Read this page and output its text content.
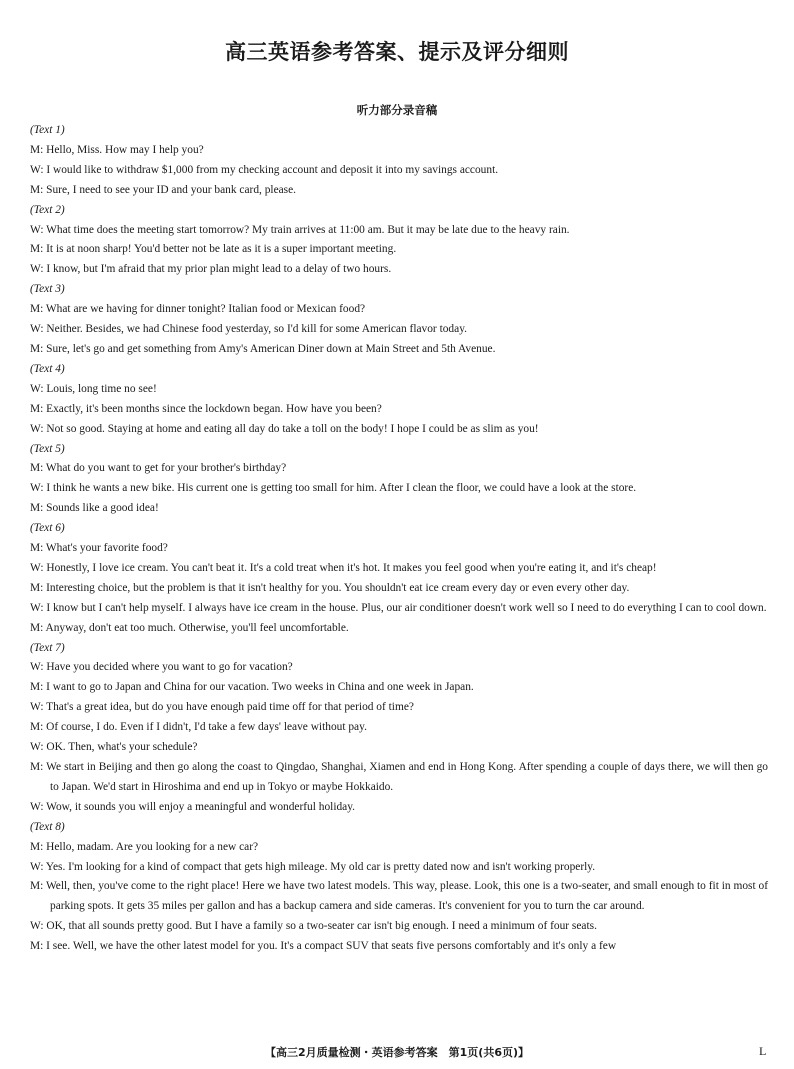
高三英语参考答案、提示及评分细则
听力部分录音稿
(Text 1)
M: Hello, Miss. How may I help you?
W: I would like to withdraw $1,000 from my checking account and deposit it into my savings account.
M: Sure, I need to see your ID and your bank card, please.
(Text 2)
W: What time does the meeting start tomorrow? My train arrives at 11:00 am. But it may be late due to the heavy rain.
M: It is at noon sharp! You'd better not be late as it is a super important meeting.
W: I know, but I'm afraid that my prior plan might lead to a delay of two hours.
(Text 3)
M: What are we having for dinner tonight? Italian food or Mexican food?
W: Neither. Besides, we had Chinese food yesterday, so I'd kill for some American flavor today.
M: Sure, let's go and get something from Amy's American Diner down at Main Street and 5th Avenue.
(Text 4)
W: Louis, long time no see!
M: Exactly, it's been months since the lockdown began. How have you been?
W: Not so good. Staying at home and eating all day do take a toll on the body! I hope I could be as slim as you!
(Text 5)
M: What do you want to get for your brother's birthday?
W: I think he wants a new bike. His current one is getting too small for him. After I clean the floor, we could have a look at the store.
M: Sounds like a good idea!
(Text 6)
M: What's your favorite food?
W: Honestly, I love ice cream. You can't beat it. It's a cold treat when it's hot. It makes you feel good when you're eating it, and it's cheap!
M: Interesting choice, but the problem is that it isn't healthy for you. You shouldn't eat ice cream every day or even every other day.
W: I know but I can't help myself. I always have ice cream in the house. Plus, our air conditioner doesn't work well so I need to do everything I can to cool down.
M: Anyway, don't eat too much. Otherwise, you'll feel uncomfortable.
(Text 7)
W: Have you decided where you want to go for vacation?
M: I want to go to Japan and China for our vacation. Two weeks in China and one week in Japan.
W: That's a great idea, but do you have enough paid time off for that period of time?
M: Of course, I do. Even if I didn't, I'd take a few days' leave without pay.
W: OK. Then, what's your schedule?
M: We start in Beijing and then go along the coast to Qingdao, Shanghai, Xiamen and end in Hong Kong. After spending a couple of days there, we will then go to Japan. We'd start in Hiroshima and end up in Tokyo or maybe Hokkaido.
W: Wow, it sounds you will enjoy a meaningful and wonderful holiday.
(Text 8)
M: Hello, madam. Are you looking for a new car?
W: Yes. I'm looking for a kind of compact that gets high mileage. My old car is pretty dated now and isn't working properly.
M: Well, then, you've come to the right place! Here we have two latest models. This way, please. Look, this one is a two-seater, and small enough to fit in most of parking spots. It gets 35 miles per gallon and has a backup camera and side cameras. It's convenient for you to turn the car around.
W: OK, that all sounds pretty good. But I have a family so a two-seater car isn't big enough. I need a minimum of four seats.
M: I see. Well, we have the other latest model for you. It's a compact SUV that seats five persons comfortably and it's only a few
【高三2月质量检测・英语参考答案　第1页(共6页)】	L
